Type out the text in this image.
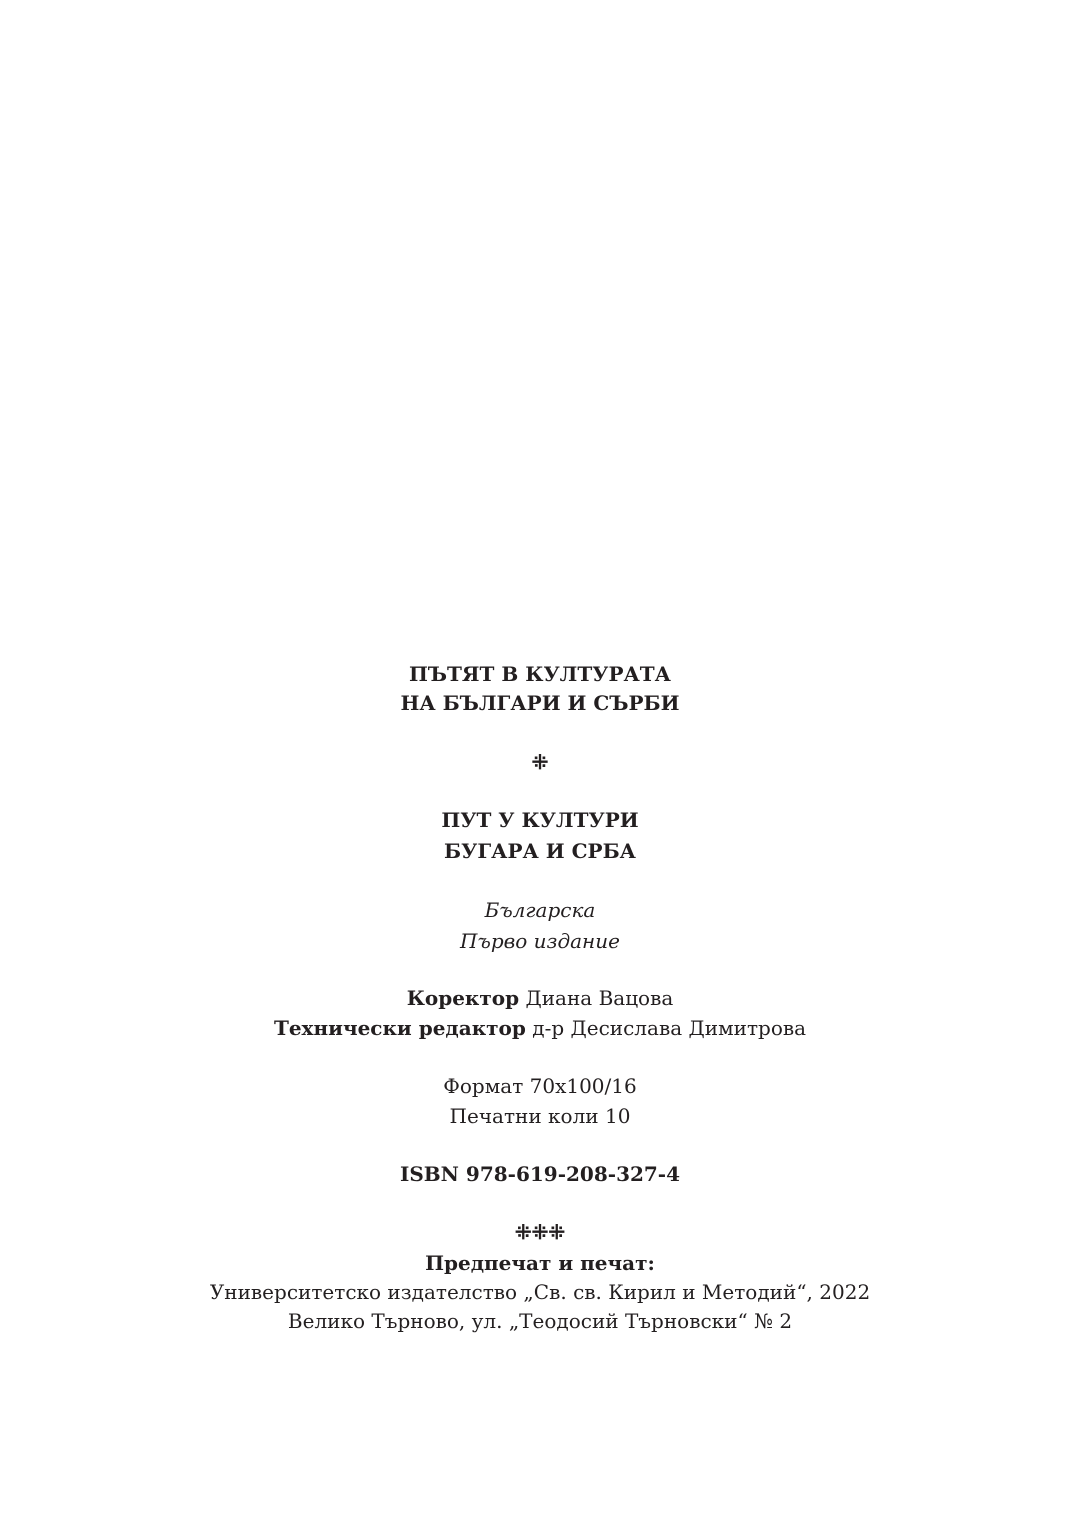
ПЪТЯТ В КУЛТУРАТА
НА БЪЛГАРИ И СЪРБИ
⁜
ПУТ У КУЛТУРИ
БУГАРА И СРБА
Българска
Първо издание
Коректор Диана Вацова
Технически редактор д-р Десислава Димитрова
Формат 70х100/16
Печатни коли 10
ISBN 978-619-208-327-4
⁜⁜⁜
Предпечат и печат:
Университетско издателство „Св. св. Кирил и Методий“, 2022
Велико Търново, ул. „Теодосий Търновски“ № 2
